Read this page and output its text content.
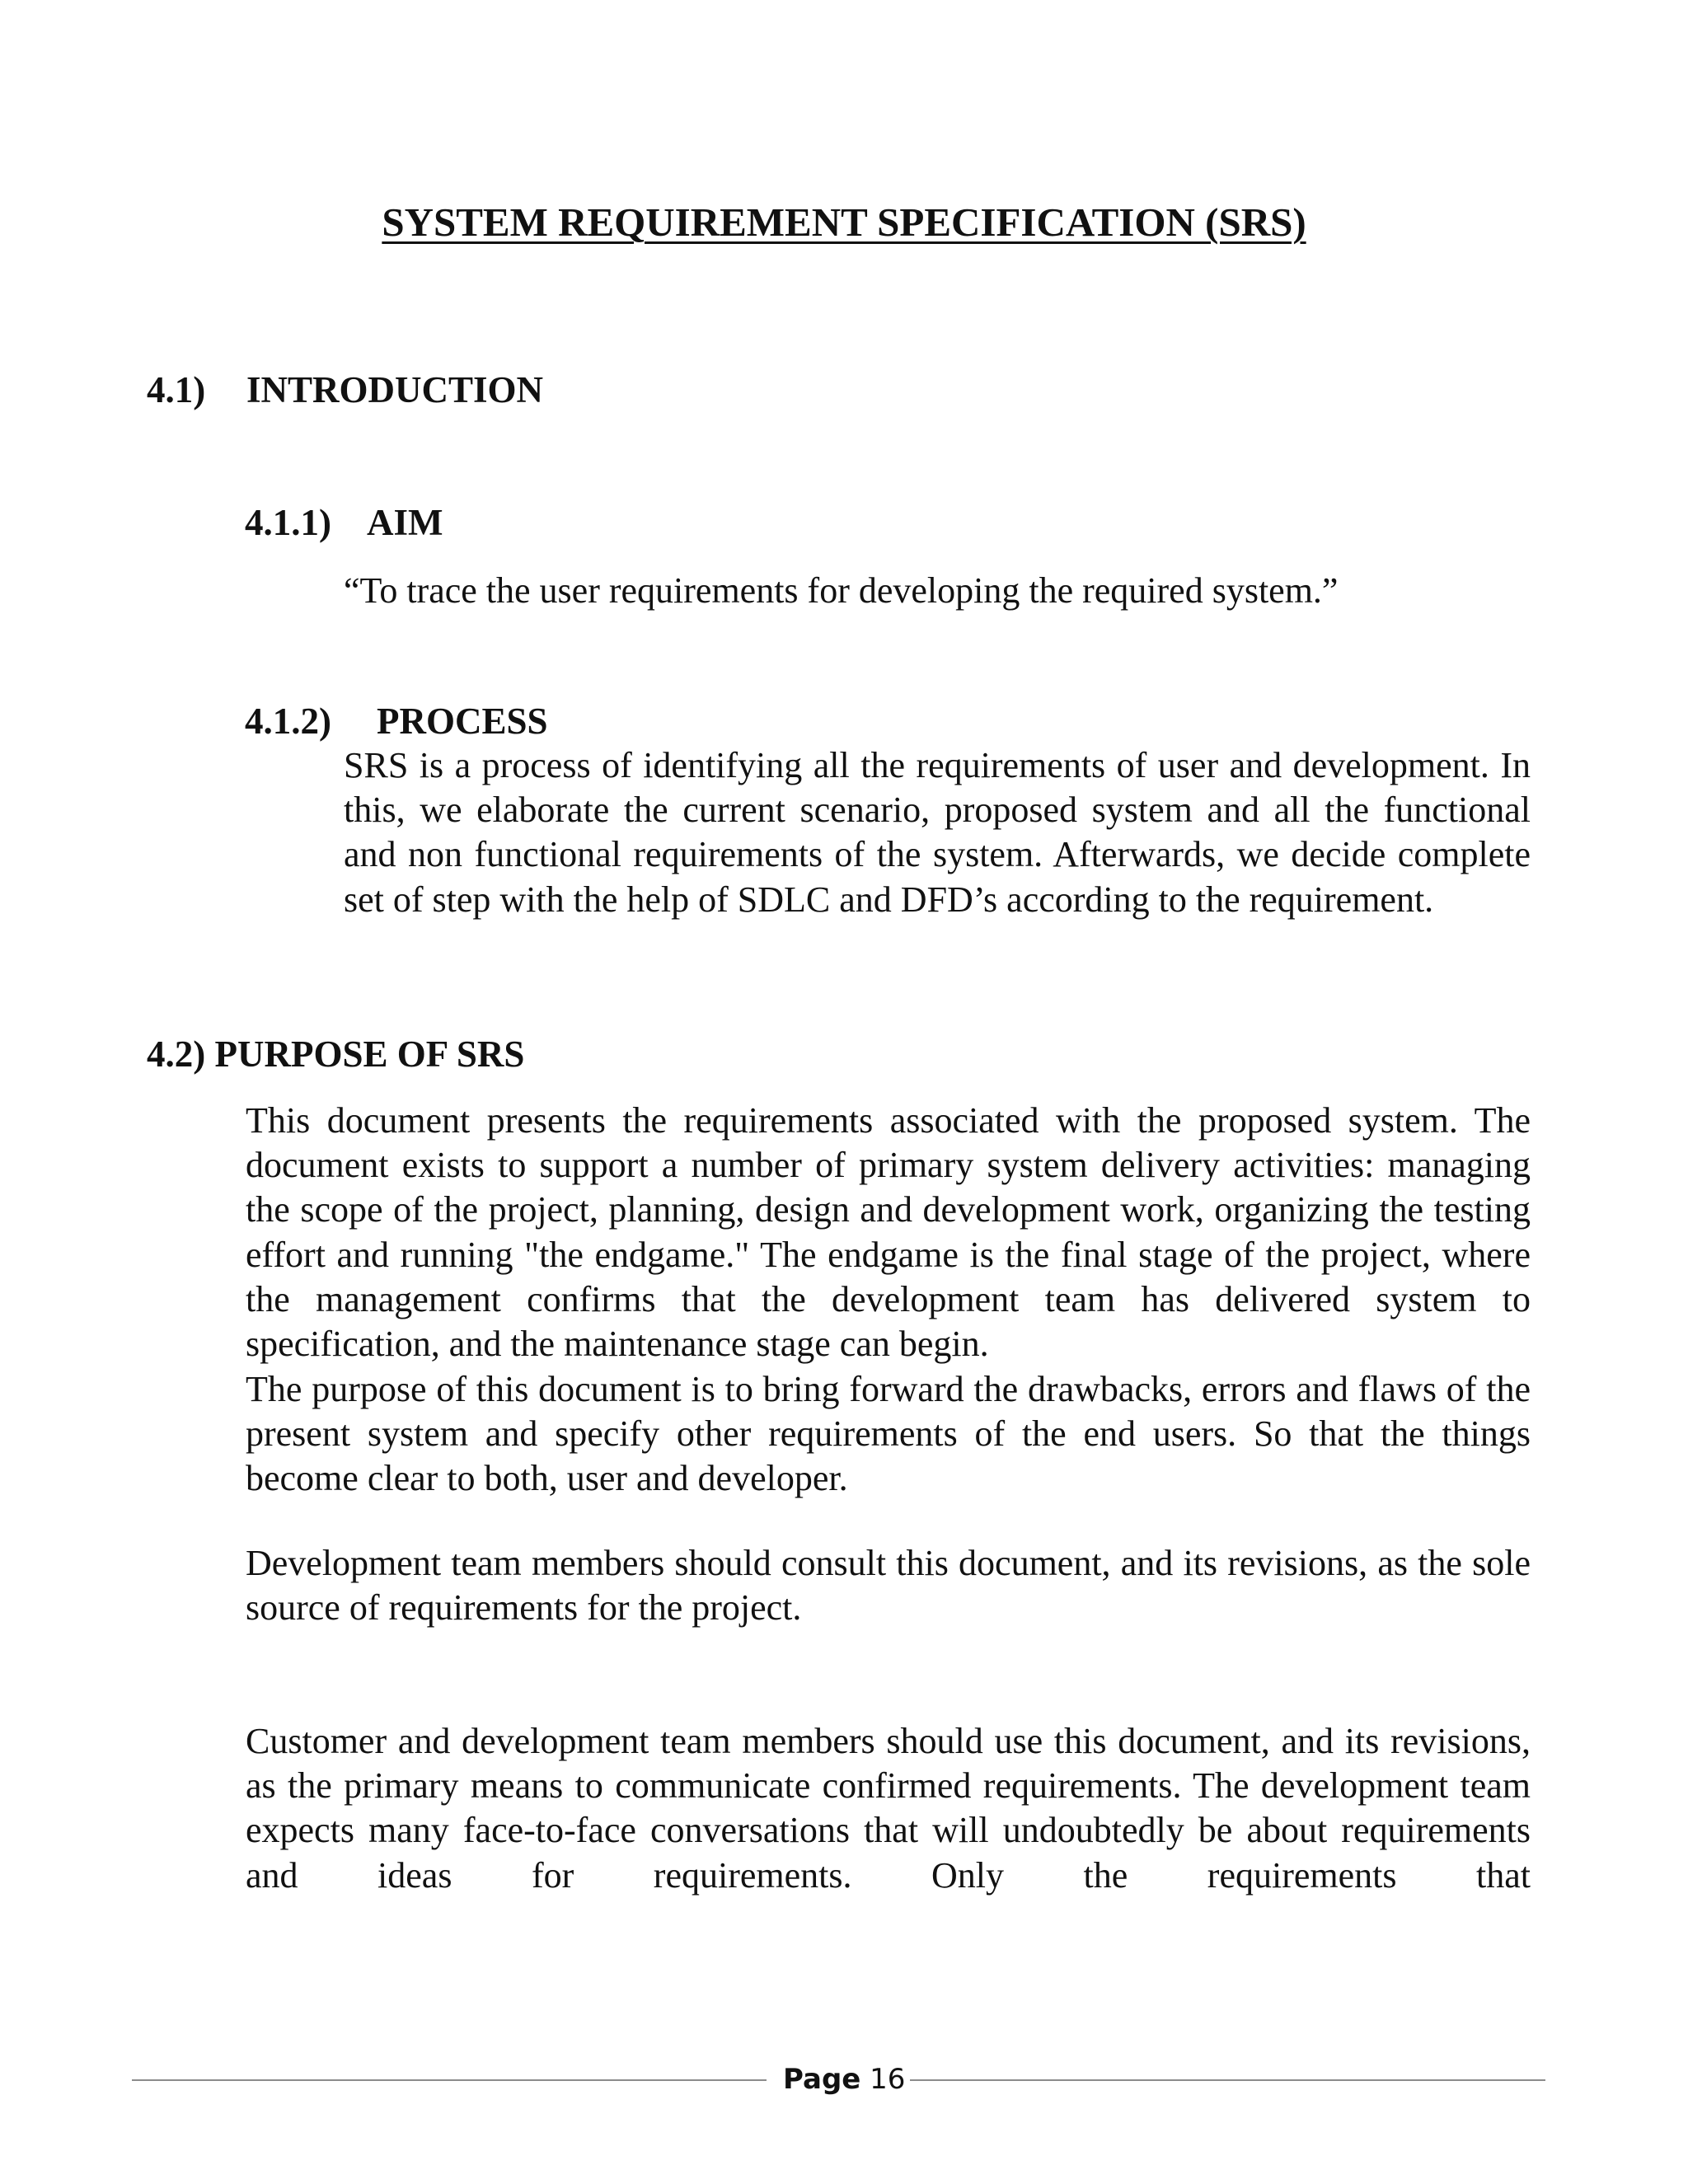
SYSTEM REQUIREMENT SPECIFICATION (SRS)
4.1) INTRODUCTION
4.1.1) AIM

“To trace the user requirements for developing the required system.”

4.1.2) PROCESS

SRS is a process of identifying all the requirements of user and development. In this, we elaborate the current scenario, proposed system and all the functional and non functional requirements of the system. Afterwards, we decide complete set of step with the help of SDLC and DFD’s according to the requirement.

4.2) PURPOSE OF SRS

This document presents the requirements associated with the proposed system. The document exists to support a number of primary system delivery activities: managing the scope of the project, planning, design and development work, organizing the testing effort and running "the endgame." The endgame is the final stage of the project, where the management confirms that the development team has delivered system to specification, and the maintenance stage can begin.

The purpose of this document is to bring forward the drawbacks, errors and flaws of the present system and specify other requirements of the end users. So that the things become clear to both, user and developer.

Development team members should consult this document, and its revisions, as the sole source of requirements for the project.

Customer and development team members should use this document, and its revisions, as the primary means to communicate confirmed requirements. The development team expects many face-to-face conversations that will undoubtedly be about requirements and ideas for requirements. Only the requirements that

Page 16
